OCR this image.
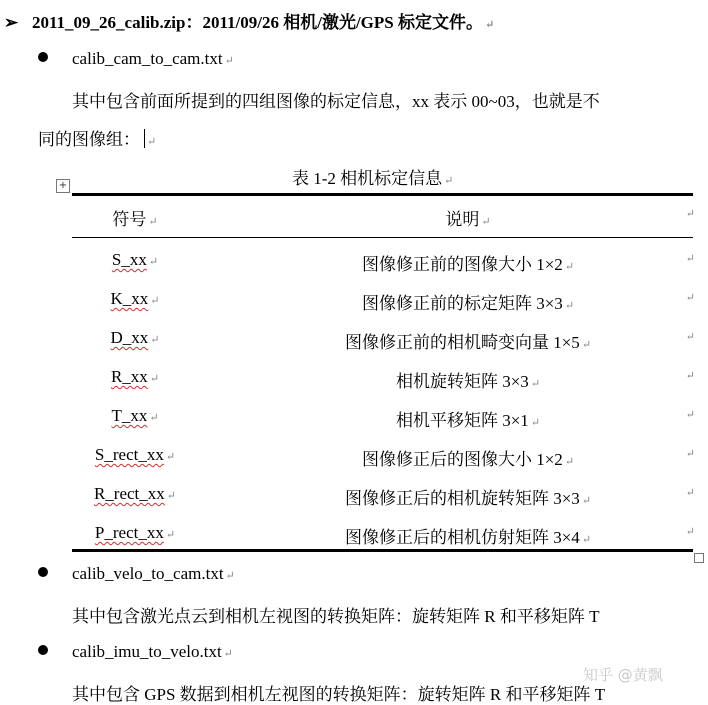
➢ 2011_09_26_calib.zip：2011/09/26 相机/激光/GPS 标定文件。 ↵
calib_cam_to_cam.txt ↵
其中包含前面所提到的四组图像的标定信息，xx 表示 00~03，也就是不
同的图像组： ↵
表 1-2 相机标定信息 ↵
+
符号 ↵	说明 ↵
↵
S_xx ↵	图像修正前的图像大小 1×2 ↵
↵
K_xx ↵	图像修正前的标定矩阵 3×3 ↵
↵
D_xx ↵	图像修正前的相机畸变向量 1×5 ↵
↵
R_xx ↵	相机旋转矩阵 3×3 ↵
↵
T_xx ↵	相机平移矩阵 3×1 ↵
↵
S_rect_xx ↵	图像修正后的图像大小 1×2 ↵
↵
R_rect_xx ↵	图像修正后的相机旋转矩阵 3×3 ↵
↵
P_rect_xx ↵	图像修正后的相机仿射矩阵 3×4 ↵
↵
calib_velo_to_cam.txt ↵
其中包含激光点云到相机左视图的转换矩阵：旋转矩阵 R 和平移矩阵 T
calib_imu_to_velo.txt ↵
其中包含 GPS 数据到相机左视图的转换矩阵：旋转矩阵 R 和平移矩阵 T
知乎 @黄飘
